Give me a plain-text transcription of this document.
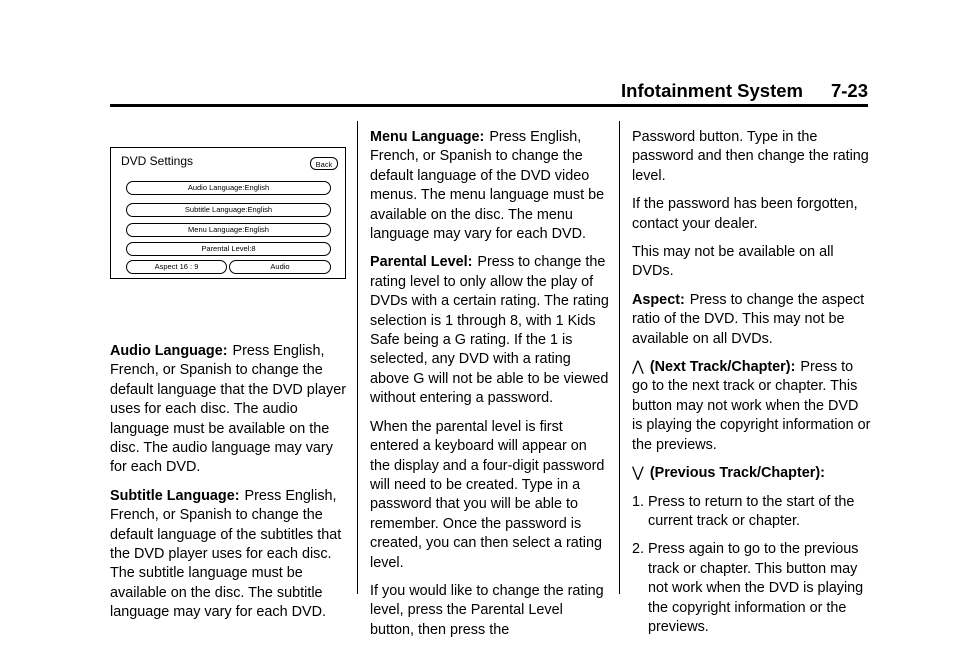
Infotainment System 7-23
DVD Settings	Back
Audio Language:English
Subtitle Language:English
Menu Language:English
Parental Level:8
Aspect 16 : 9	Audio

Audio Language: Press English, French, or Spanish to change the default language that the DVD player uses for each disc. The audio language must be available on the disc. The audio language may vary for each DVD.

Subtitle Language: Press English, French, or Spanish to change the default language of the subtitles that the DVD player uses for each disc. The subtitle language must be available on the disc. The subtitle language may vary for each DVD.

Menu Language: Press English, French, or Spanish to change the default language of the DVD video menus. The menu language must be available on the disc. The menu language may vary for each DVD.

Parental Level: Press to change the rating level to only allow the play of DVDs with a certain rating. The rating selection is 1 through 8, with 1 Kids Safe being a G rating. If the 1 is selected, any DVD with a rating above G will not be able to be viewed without entering a password.

When the parental level is first entered a keyboard will appear on the display and a four-digit password will need to be created. Type in a password that you will be able to remember. Once the password is created, you can then select a rating level.

If you would like to change the rating level, press the Parental Level button, then press the

Password button. Type in the password and then change the rating level.

If the password has been forgotten, contact your dealer.

This may not be available on all DVDs.

Aspect: Press to change the aspect ratio of the DVD. This may not be available on all DVDs.

⋀ (Next Track/Chapter): Press to go to the next track or chapter. This button may not work when the DVD is playing the copyright information or the previews.

⋁ (Previous Track/Chapter):

1. Press to return to the start of the current track or chapter.
2. Press again to go to the previous track or chapter. This button may not work when the DVD is playing the copyright information or the previews.
